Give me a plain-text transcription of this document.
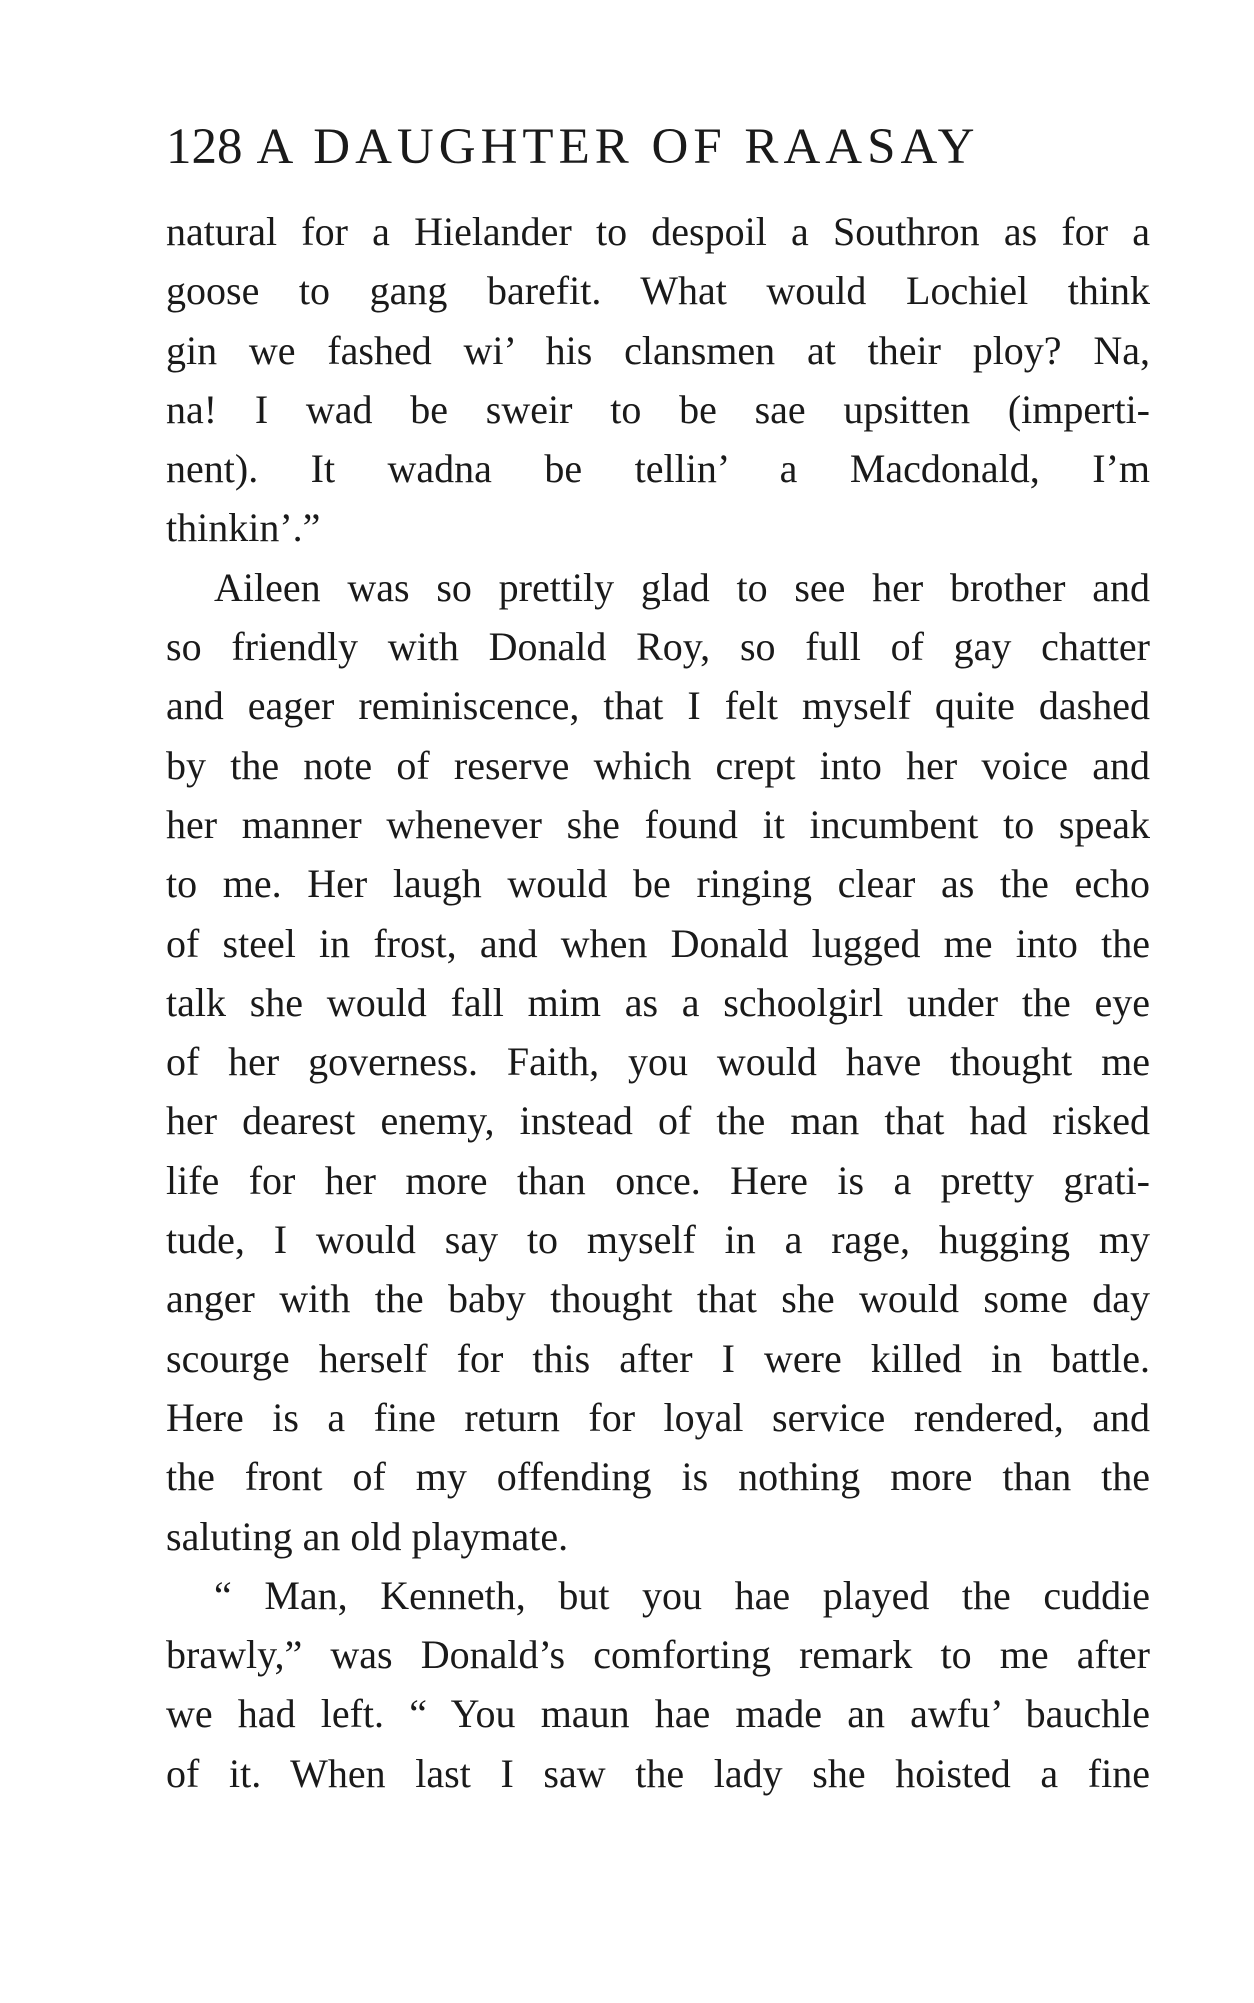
128 A DAUGHTER OF RAASAY
natural for a Hielander to despoil a Southron as for a
goose to gang barefit. What would Lochiel think
gin we fashed wi’ his clansmen at their ploy? Na,
na! I wad be sweir to be sae upsitten (imperti-
nent). It wadna be tellin’ a Macdonald, I’m
thinkin’.”
Aileen was so prettily glad to see her brother and
so friendly with Donald Roy, so full of gay chatter
and eager reminiscence, that I felt myself quite dashed
by the note of reserve which crept into her voice and
her manner whenever she found it incumbent to speak
to me. Her laugh would be ringing clear as the echo
of steel in frost, and when Donald lugged me into the
talk she would fall mim as a schoolgirl under the eye
of her governess. Faith, you would have thought me
her dearest enemy, instead of the man that had risked
life for her more than once. Here is a pretty grati-
tude, I would say to myself in a rage, hugging my
anger with the baby thought that she would some day
scourge herself for this after I were killed in battle.
Here is a fine return for loyal service rendered, and
the front of my offending is nothing more than the
saluting an old playmate.
“ Man, Kenneth, but you hae played the cuddie
brawly,” was Donald’s comforting remark to me after
we had left. “ You maun hae made an awfu’ bauchle
of it. When last I saw the lady she hoisted a fine
